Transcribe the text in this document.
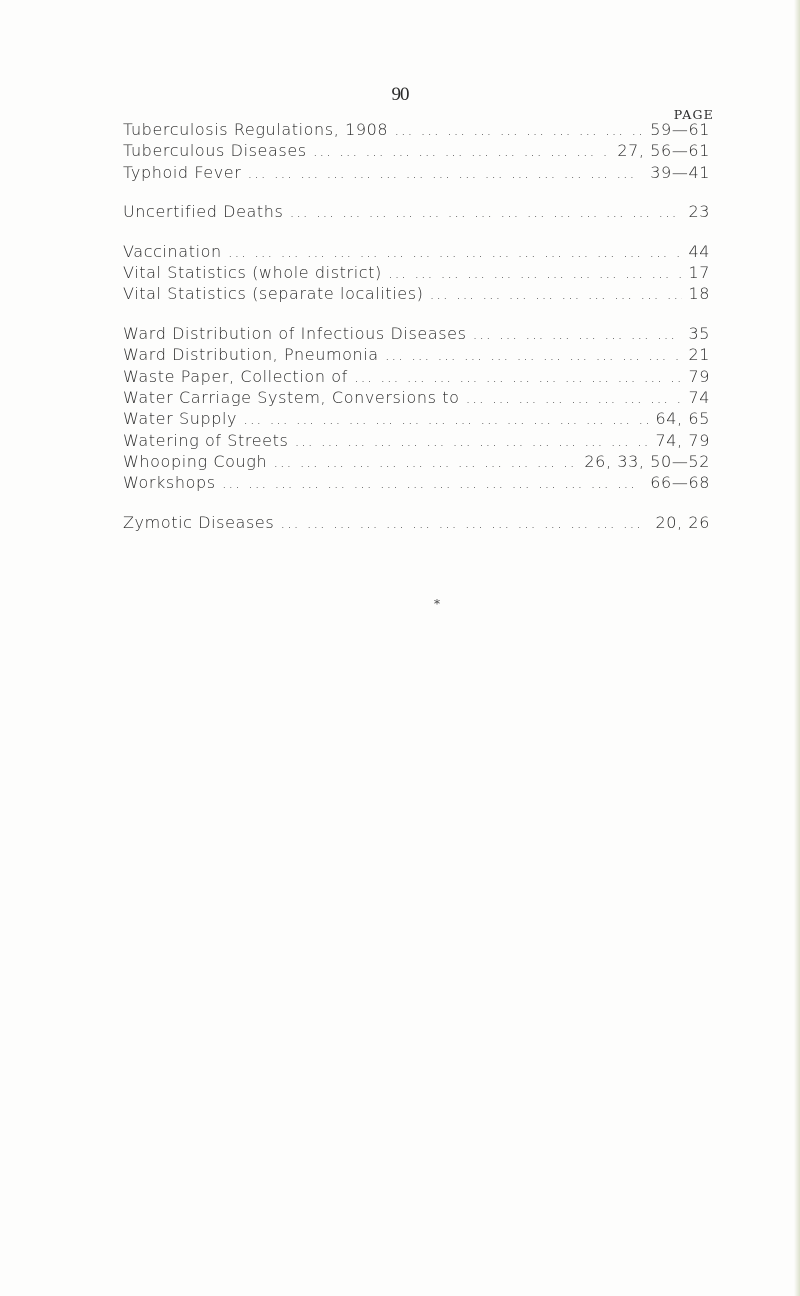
90
PAGE
Tuberculosis Regulations, 1908 ... .	59—61
Tuberculous Diseases ... .	27, 56—61
Typhoid Fever ... .	39—41
Uncertified Deaths ... .	23
Vaccination ... .	44
Vital Statistics (whole district) ... .	17
Vital Statistics (separate localities) ... .	18
Ward Distribution of Infectious Diseases ... .	35
Ward Distribution, Pneumonia ... .	21
Waste Paper, Collection of ... .	79
Water Carriage System, Conversions to ... .	74
Water Supply ... .	64, 65
Watering of Streets ... .	74, 79
Whooping Cough ... .	26, 33, 50—52
Workshops ... .	66—68
Zymotic Diseases ... .	20, 26
*
